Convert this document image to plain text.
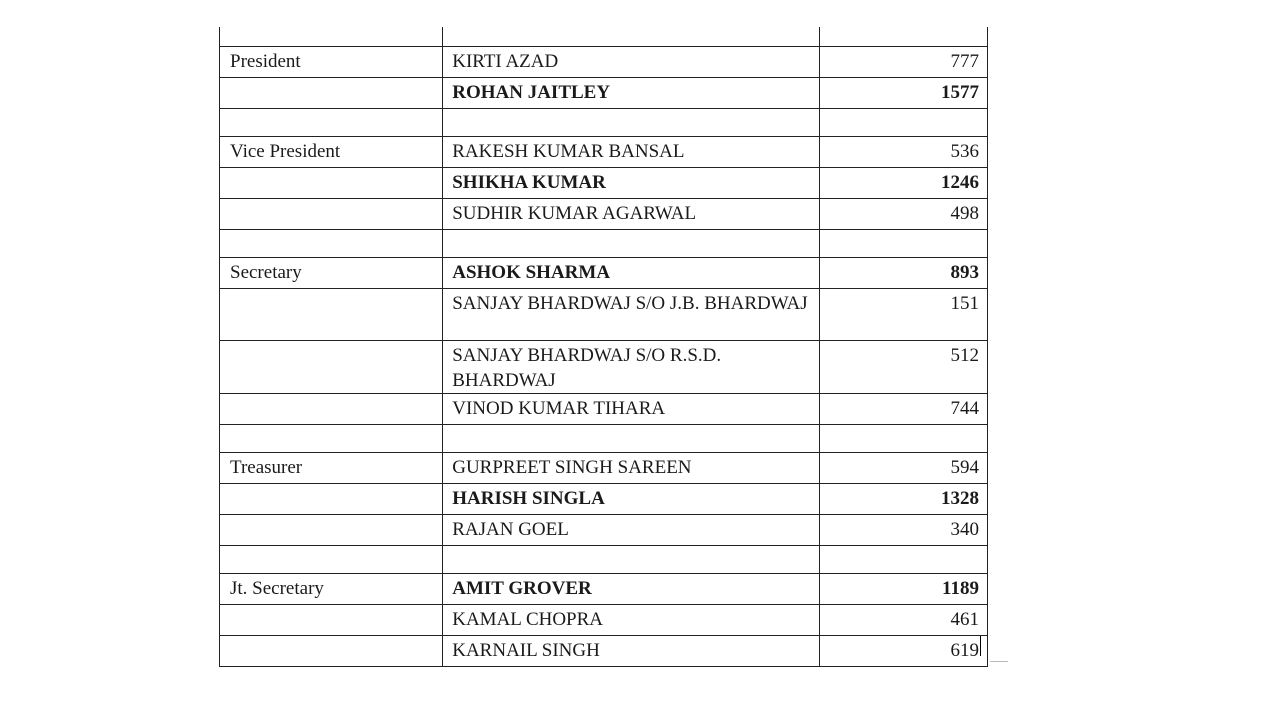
President	KIRTI AZAD	777
	ROHAN JAITLEY	1577

Vice President	RAKESH KUMAR BANSAL	536
	SHIKHA KUMAR	1246
	SUDHIR KUMAR AGARWAL	498

Secretary	ASHOK SHARMA	893
	SANJAY BHARDWAJ S/O J.B. BHARDWAJ	151
	SANJAY BHARDWAJ S/O R.S.D. BHARDWAJ	512
	VINOD KUMAR TIHARA	744

Treasurer	GURPREET SINGH SAREEN	594
	HARISH SINGLA	1328
	RAJAN GOEL	340

Jt. Secretary	AMIT GROVER	1189
	KAMAL CHOPRA	461
	KARNAIL SINGH	619
